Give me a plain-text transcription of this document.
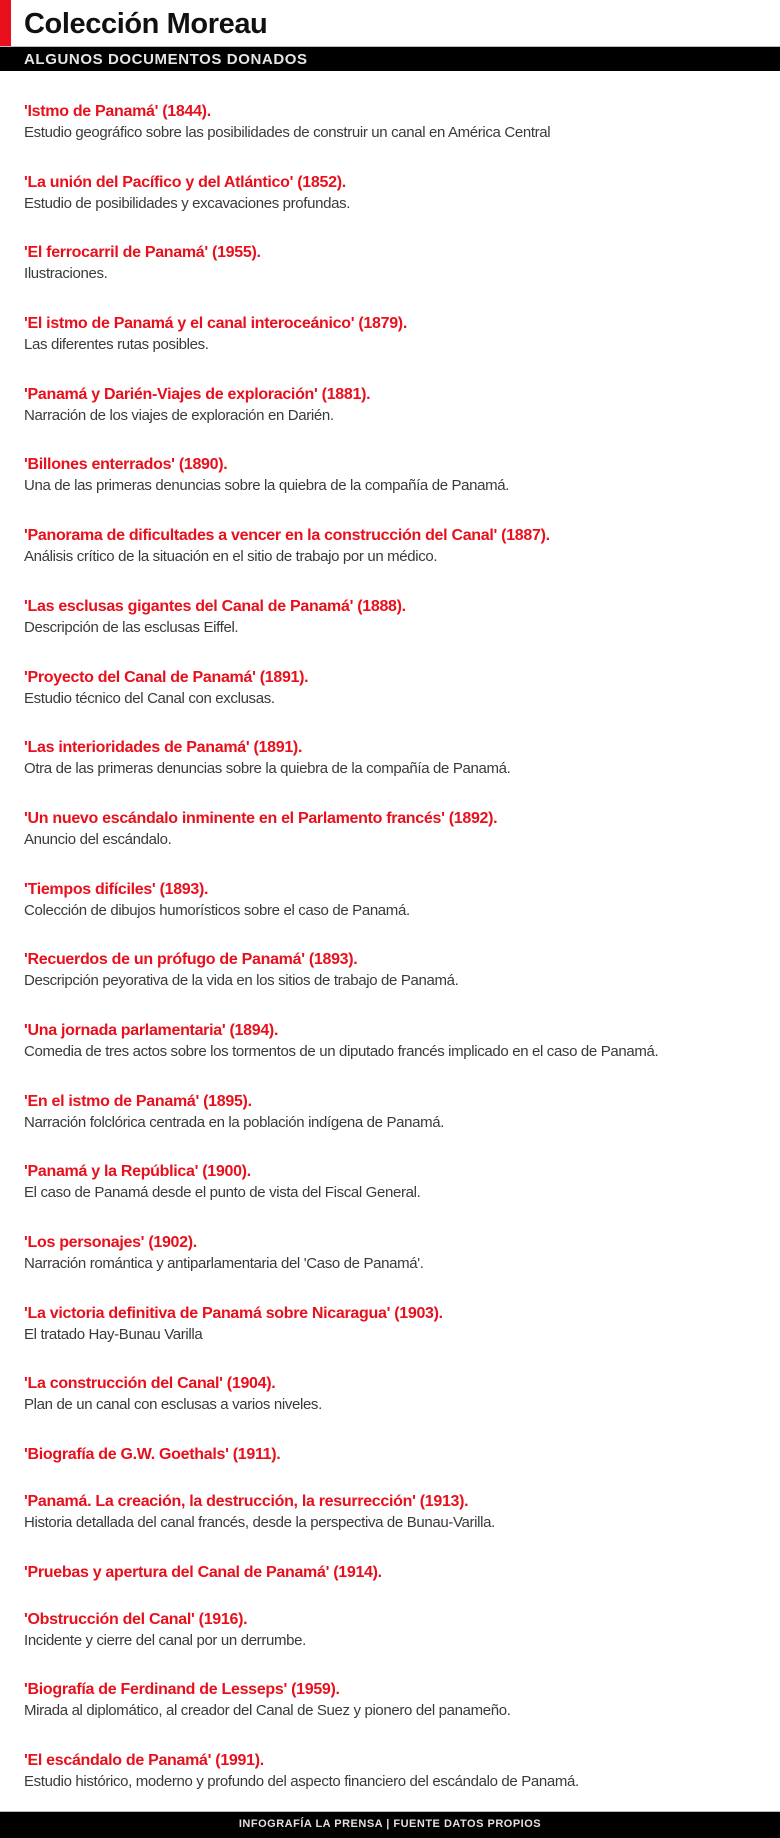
Colección Moreau
ALGUNOS DOCUMENTOS DONADOS
'Istmo de Panamá' (1844).
Estudio geográfico sobre las posibilidades de construir un canal en América Central
'La unión del Pacífico y del Atlántico' (1852).
Estudio de posibilidades y excavaciones profundas.
'El ferrocarril de Panamá' (1955).
Ilustraciones.
'El istmo de Panamá y el canal interoceánico' (1879).
Las diferentes rutas posibles.
'Panamá y Darién-Viajes de exploración' (1881).
Narración de los viajes de exploración en Darién.
'Billones enterrados' (1890).
Una de las primeras denuncias sobre la quiebra de la compañía de Panamá.
'Panorama de dificultades a vencer en la construcción del Canal' (1887).
Análisis crítico de la situación en el sitio de trabajo por un médico.
'Las esclusas gigantes del Canal de Panamá' (1888).
Descripción de las esclusas Eiffel.
'Proyecto del Canal de Panamá' (1891).
Estudio técnico del Canal con exclusas.
'Las interioridades de Panamá' (1891).
Otra de las primeras denuncias sobre la quiebra de la compañía de Panamá.
'Un nuevo escándalo inminente en el Parlamento francés' (1892).
Anuncio del escándalo.
'Tiempos difíciles' (1893).
Colección de dibujos humorísticos sobre el caso de Panamá.
'Recuerdos de un prófugo de Panamá' (1893).
Descripción peyorativa de la vida en los sitios de trabajo de Panamá.
'Una jornada parlamentaria' (1894).
Comedia de tres actos sobre los tormentos de un diputado francés implicado en el caso de Panamá.
'En el istmo de Panamá' (1895).
Narración folclórica centrada en la población indígena de Panamá.
'Panamá y la República' (1900).
El caso de Panamá desde el punto de vista del Fiscal General.
'Los personajes' (1902).
Narración romántica y antiparlamentaria del 'Caso de Panamá'.
'La victoria definitiva de Panamá sobre Nicaragua' (1903).
El tratado Hay-Bunau Varilla
'La construcción del Canal' (1904).
Plan de un canal con esclusas a varios niveles.
'Biografía de G.W. Goethals' (1911).
'Panamá. La creación, la destrucción, la resurrección' (1913).
Historia detallada del canal francés, desde la perspectiva de Bunau-Varilla.
'Pruebas y apertura del Canal de Panamá' (1914).
'Obstrucción del Canal' (1916).
Incidente y cierre del canal por un derrumbe.
'Biografía de Ferdinand de Lesseps' (1959).
Mirada al diplomático, al creador del Canal de Suez y pionero del panameño.
'El escándalo de Panamá' (1991).
Estudio histórico, moderno y profundo del aspecto financiero del escándalo de Panamá.
INFOGRAFÍA LA PRENSA | FUENTE DATOS PROPIOS
